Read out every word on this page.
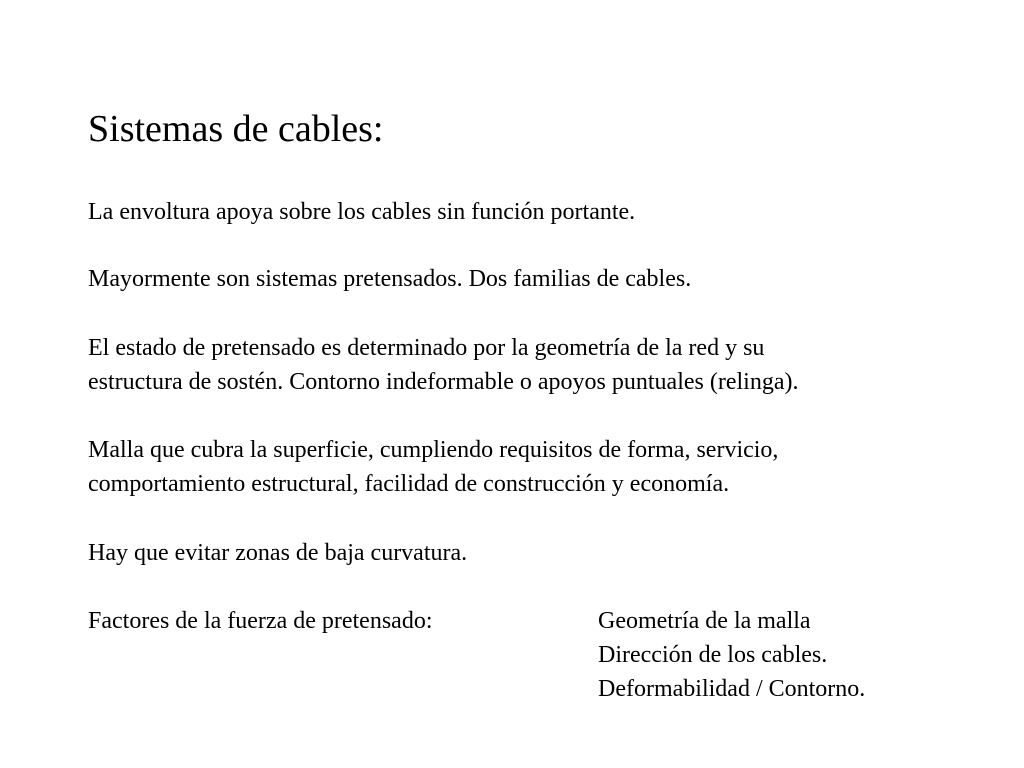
Sistemas de cables:

La envoltura apoya sobre los cables sin función portante.

Mayormente son sistemas pretensados. Dos familias de cables.

El estado de pretensado es determinado por la geometría de la red y su
estructura de sostén. Contorno indeformable o apoyos puntuales (relinga).

Malla que cubra la superficie, cumpliendo requisitos de forma, servicio,
comportamiento estructural, facilidad de construcción y economía.

Hay que evitar zonas de baja curvatura.

Factores de la fuerza de pretensado:	Geometría de la malla
Dirección de los cables.
Deformabilidad / Contorno.
